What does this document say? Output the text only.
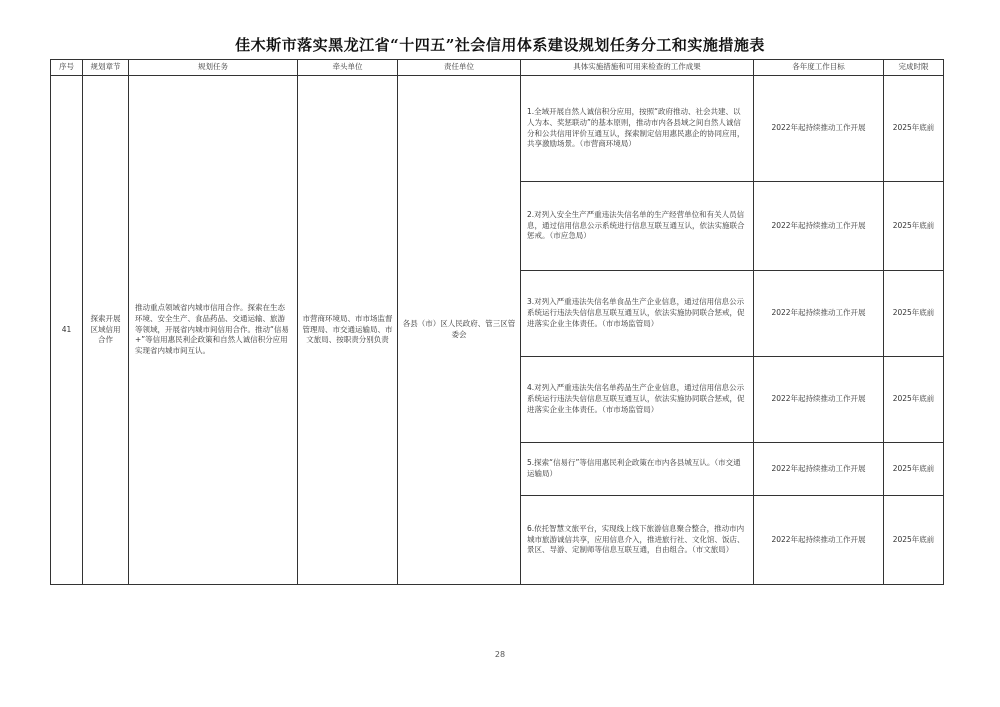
佳木斯市落实黑龙江省“十四五”社会信用体系建设规划任务分工和实施措施表
序号	规划章节	规划任务	牵头单位	责任单位	具体实施措施和可用来检查的工作成果	各年度工作目标	完成时限
41	探索开展区域信用合作	推动重点领域省内城市信用合作。探索在生态环境、安全生产、食品药品、交通运输、旅游等领域，开展省内城市间信用合作。推动“信易+”等信用惠民利企政策和自然人诚信积分应用实现省内城市间互认。	市营商环境局、市市场监督管理局、市交通运输局、市文旅局、按职责分别负责	各县（市）区人民政府、管三区管委会	1.全域开展自然人诚信积分应用，按照“政府推动、社会共建、以人为本、奖惩联动”的基本原则，推动市内各县域之间自然人诚信分和公共信用评价互通互认，探索制定信用惠民惠企的协同应用，共享激励场景。（市营商环境局）	2022年起持续推动工作开展	2025年底前
					2.对列入安全生产严重违法失信名单的生产经营单位和有关人员信息，通过信用信息公示系统进行信息互联互通互认，依法实施联合惩戒。（市应急局）	2022年起持续推动工作开展	2025年底前
					3.对列入严重违法失信名单食品生产企业信息，通过信用信息公示系统运行违法失信信息互联互通互认，依法实施协同联合惩戒，促进落实企业主体责任。（市市场监管局）	2022年起持续推动工作开展	2025年底前
					4.对列入严重违法失信名单药品生产企业信息，通过信用信息公示系统运行违法失信信息互联互通互认，依法实施协同联合惩戒，促进落实企业主体责任。（市市场监管局）	2022年起持续推动工作开展	2025年底前
					5.探索“信易行”等信用惠民利企政策在市内各县城互认。（市交通运输局）	2022年起持续推动工作开展	2025年底前
					6.依托智慧文旅平台，实现线上线下旅游信息聚合整合，推动市内城市旅游诚信共享，应用信息介入，推进旅行社、文化馆、饭店、景区、导游、定制师等信息互联互通，自由组合。（市文旅局）	2022年起持续推动工作开展	2025年底前
28
